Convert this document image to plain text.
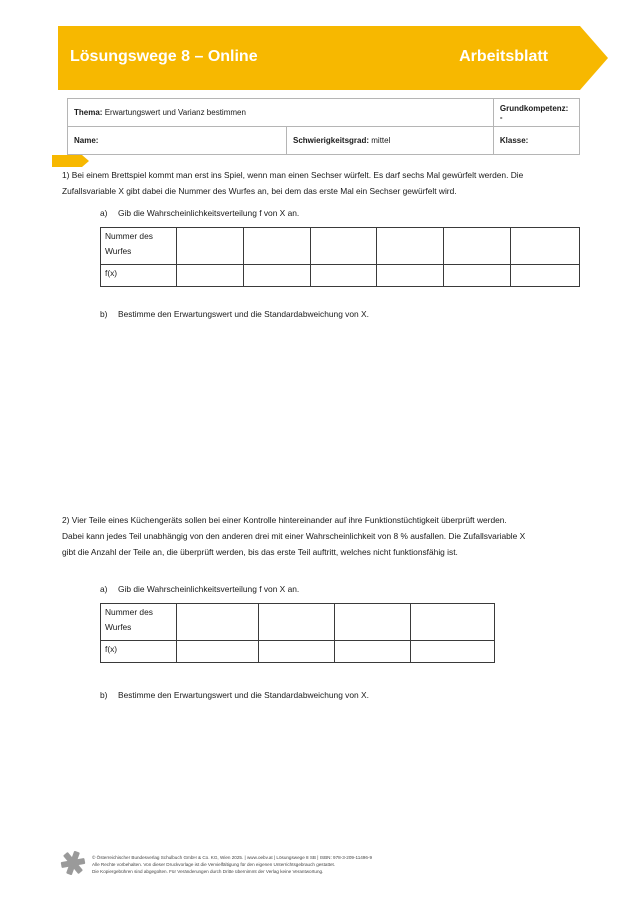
Lösungswege 8 – Online	Arbeitsblatt
Thema: Erwartungswert und Varianz bestimmen		Grundkompetenz: -
Name:	Schwierigkeitsgrad: mittel	Klasse:
1) Bei einem Brettspiel kommt man erst ins Spiel, wenn man einen Sechser würfelt. Es darf sechs Mal gewürfelt werden. Die
Zufallsvariable X gibt dabei die Nummer des Wurfes an, bei dem das erste Mal ein Sechser gewürfelt wird.
a) Gib die Wahrscheinlichkeitsverteilung f von X an.
Nummer des
Wurfes						

f(x)						
b) Bestimme den Erwartungswert und die Standardabweichung von X.
2) Vier Teile eines Küchengeräts sollen bei einer Kontrolle hintereinander auf ihre Funktionstüchtigkeit überprüft werden.
Dabei kann jedes Teil unabhängig von den anderen drei mit einer Wahrscheinlichkeit von 8 % ausfallen. Die Zufallsvariable X
gibt die Anzahl der Teile an, die überprüft werden, bis das erste Teil auftritt, welches nicht funktionsfähig ist.
a) Gib die Wahrscheinlichkeitsverteilung f von X an.
Nummer des
Wurfes				

f(x)				
b) Bestimme den Erwartungswert und die Standardabweichung von X.
© Österreichischer Bundesverlag Schulbuch GmbH & Co. KG, Wien 2025. | www.oebv.at | Lösungswege 8 SB | ISBN: 978-3-209-11496-9
Alle Rechte vorbehalten. Von dieser Druckvorlage ist die Vervielfältigung für den eigenen Unterrichtsgebrauch gestattet.
Die Kopiergebühren sind abgegolten. Für Veränderungen durch Dritte übernimmt der Verlag keine Verantwortung.
